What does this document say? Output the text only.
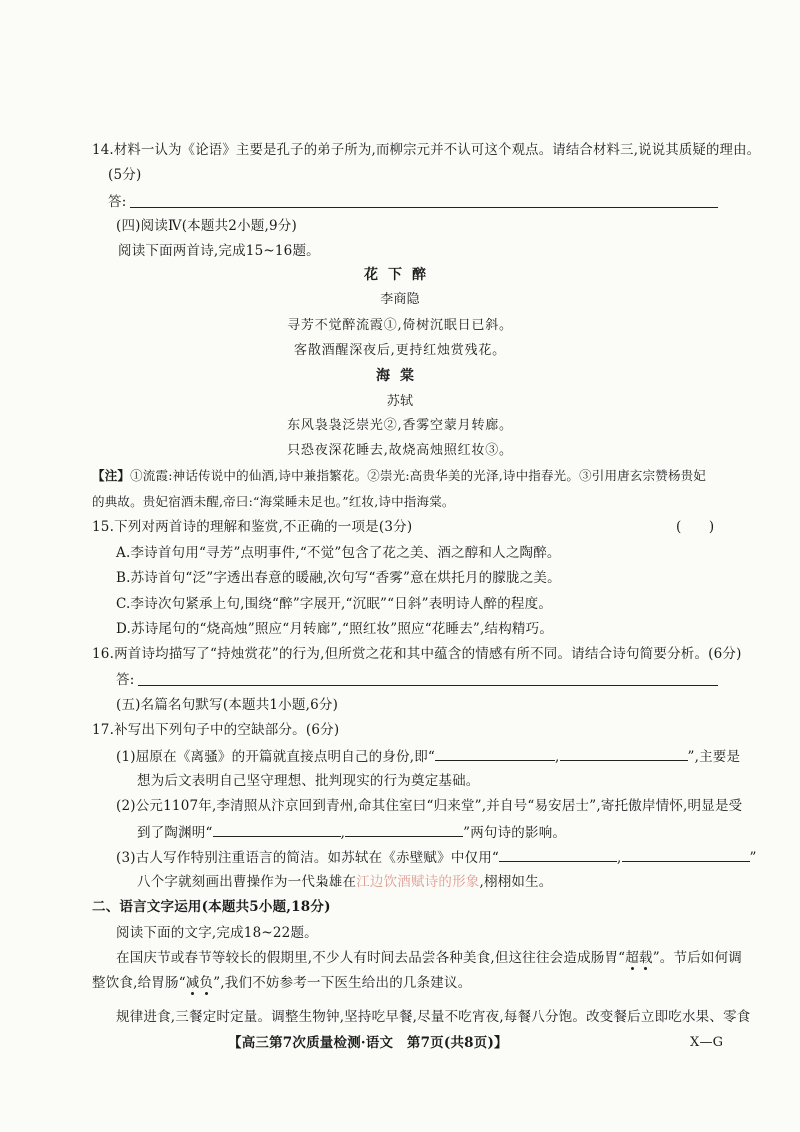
14.材料一认为《论语》主要是孔子的弟子所为,而柳宗元并不认可这个观点。请结合材料三,说说其质疑的理由。
(5分)
答:
(四)阅读Ⅳ(本题共2小题,9分)
阅读下面两首诗,完成15~16题。
花下醉
李商隐
寻芳不觉醉流霞①,倚树沉眠日已斜。
客散酒醒深夜后,更持红烛赏残花。
海棠
苏轼
东风袅袅泛崇光②,香雾空蒙月转廊。
只恐夜深花睡去,故烧高烛照红妆③。
【注】①流霞:神话传说中的仙酒,诗中兼指繁花。②崇光:高贵华美的光泽,诗中指春光。③引用唐玄宗赞杨贵妃
的典故。贵妃宿酒未醒,帝曰:“海棠睡未足也。”红妆,诗中指海棠。
15.下列对两首诗的理解和鉴赏,不正确的一项是(3分)	(　　)
A.李诗首句用“寻芳”点明事件,“不觉”包含了花之美、酒之醇和人之陶醉。
B.苏诗首句“泛”字透出春意的暖融,次句写“香雾”意在烘托月的朦胧之美。
C.李诗次句紧承上句,围绕“醉”字展开,“沉眠”“日斜”表明诗人醉的程度。
D.苏诗尾句的“烧高烛”照应“月转廊”,“照红妆”照应“花睡去”,结构精巧。
16.两首诗均描写了“持烛赏花”的行为,但所赏之花和其中蕴含的情感有所不同。请结合诗句简要分析。(6分)
答:
(五)名篇名句默写(本题共1小题,6分)
17.补写出下列句子中的空缺部分。(6分)
(1)屈原在《离骚》的开篇就直接点明自己的身份,即“	,	”,主要是
想为后文表明自己坚守理想、批判现实的行为奠定基础。
(2)公元1107年,李清照从汴京回到青州,命其住室曰“归来堂”,并自号“易安居士”,寄托傲岸情怀,明显是受
到了陶渊明“	,	”两句诗的影响。
(3)古人写作特别注重语言的简洁。如苏轼在《赤壁赋》中仅用“	,	”
八个字就刻画出曹操作为一代枭雄在江边饮酒赋诗的形象,栩栩如生。
二、语言文字运用(本题共5小题,18分)
阅读下面的文字,完成18~22题。
在国庆节或春节等较长的假期里,不少人有时间去品尝各种美食,但这往往会造成肠胃“超载”。节后如何调
整饮食,给胃肠“减负”,我们不妨参考一下医生给出的几条建议。
规律进食,三餐定时定量。调整生物钟,坚持吃早餐,尽量不吃宵夜,每餐八分饱。改变餐后立即吃水果、零食
【高三第7次质量检测·语文　第7页(共8页)】	X—G
